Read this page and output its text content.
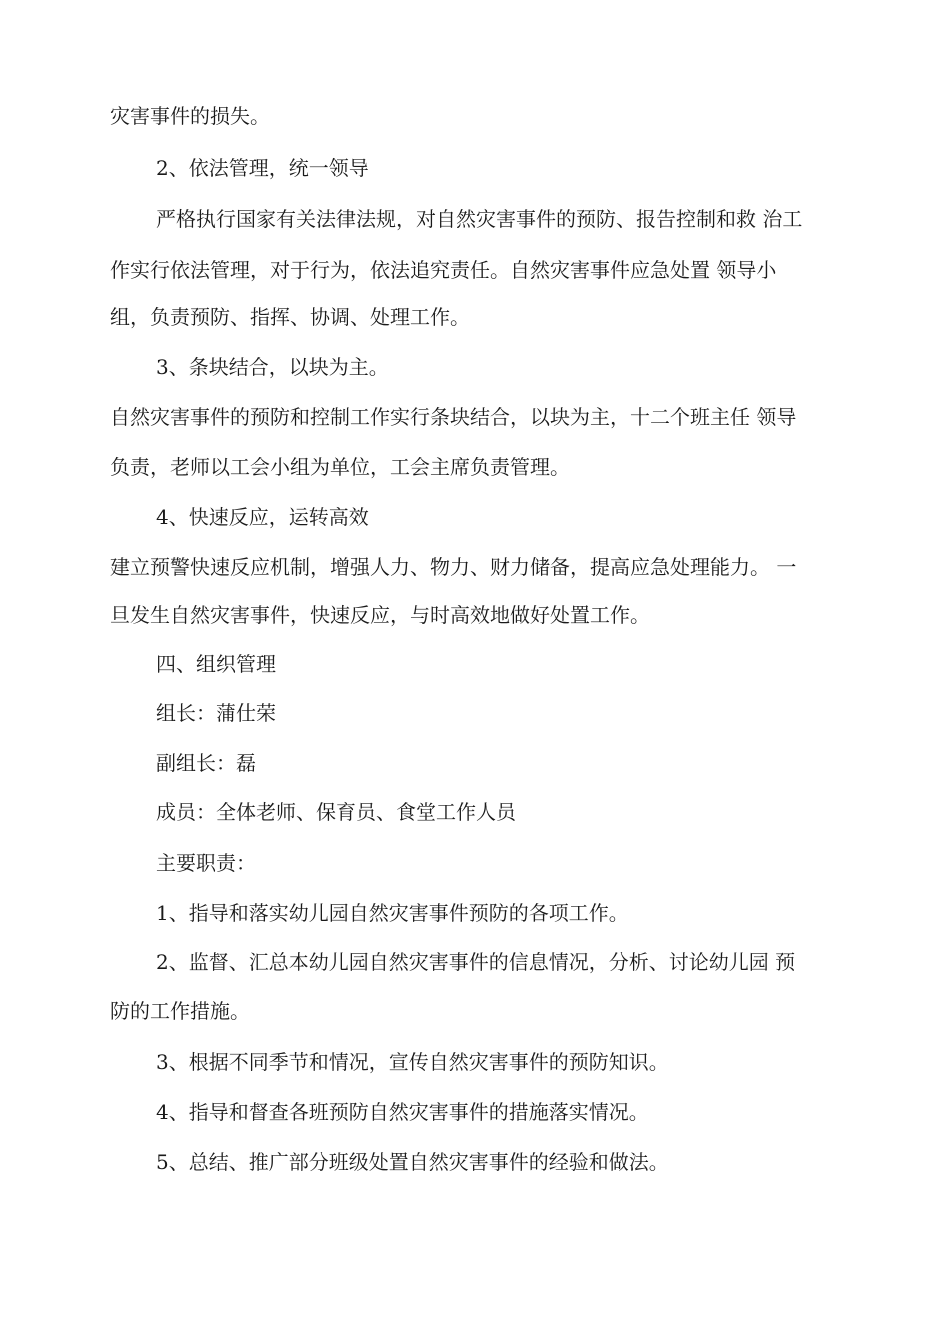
灾害事件的损失。
2、依法管理，统一领导
严格执行国家有关法律法规，对自然灾害事件的预防、报告控制和救 治工
作实行依法管理，对于行为，依法追究责任。自然灾害事件应急处置 领导小
组，负责预防、指挥、协调、处理工作。
3、条块结合，以块为主。
自然灾害事件的预防和控制工作实行条块结合，以块为主，十二个班主任 领导
负责，老师以工会小组为单位，工会主席负责管理。
4、快速反应，运转高效
建立预警快速反应机制，增强人力、物力、财力储备，提高应急处理能力。 一
旦发生自然灾害事件，快速反应，与时高效地做好处置工作。
四、组织管理
组长：蒲仕荣
副组长：磊
成员：全体老师、保育员、食堂工作人员
主要职责：
1、指导和落实幼儿园自然灾害事件预防的各项工作。
2、监督、汇总本幼儿园自然灾害事件的信息情况，分析、讨论幼儿园 预
防的工作措施。
3、根据不同季节和情况，宣传自然灾害事件的预防知识。
4、指导和督查各班预防自然灾害事件的措施落实情况。
5、总结、推广部分班级处置自然灾害事件的经验和做法。
